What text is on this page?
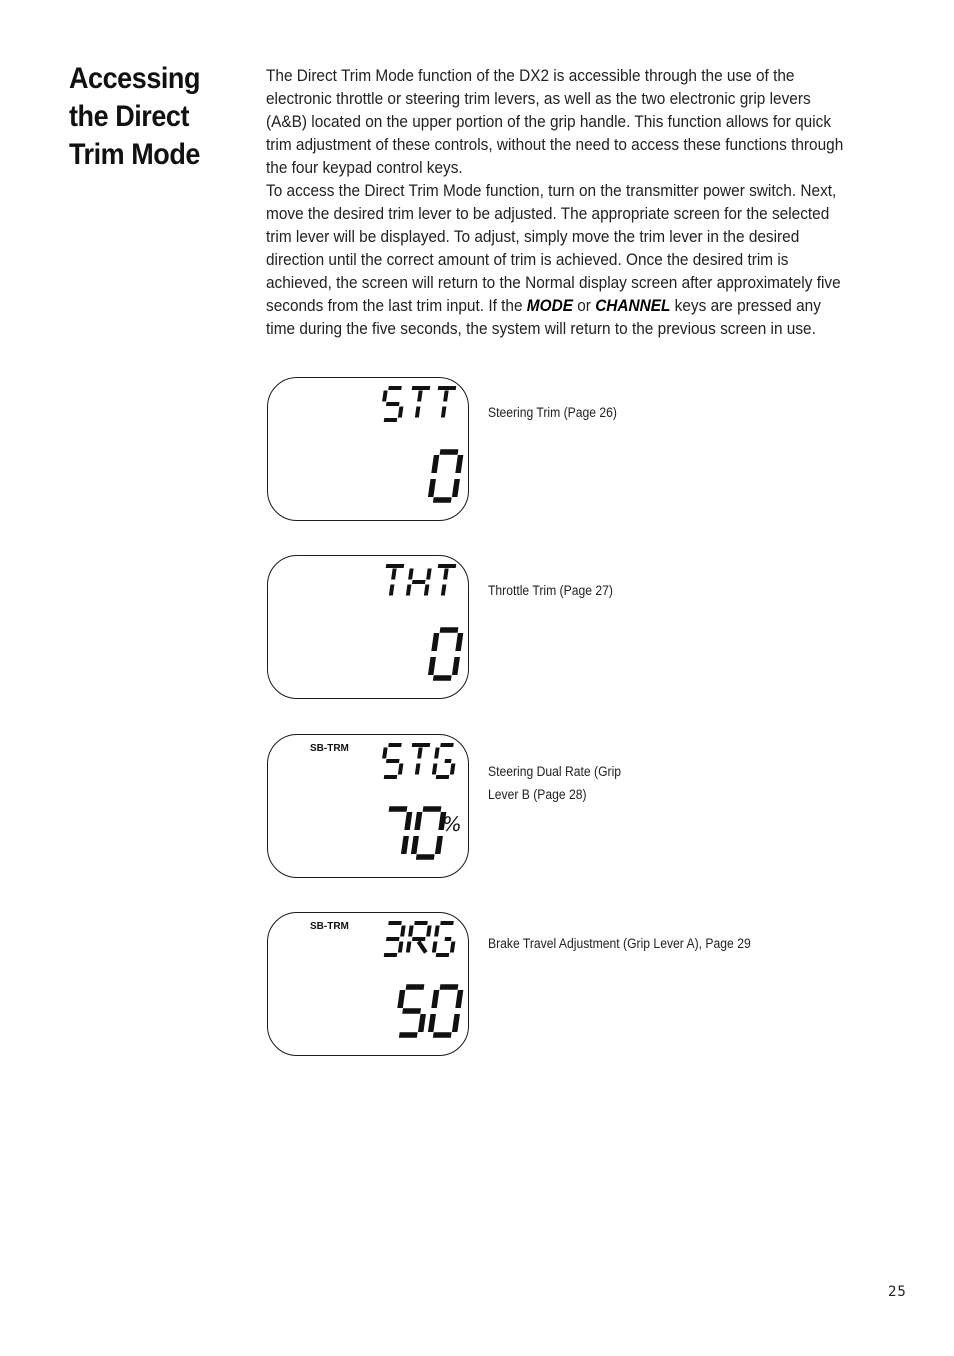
Accessing the Direct Trim Mode

The Direct Trim Mode function of the DX2 is accessible through the use of the electronic throttle or steering trim levers, as well as the two electronic grip levers (A&B) located on the upper portion of the grip handle. This function allows for quick trim adjustment of these controls, without the need to access these functions through the four keypad control keys.

To access the Direct Trim Mode function, turn on the transmitter power switch. Next, move the desired trim lever to be adjusted. The appropriate screen for the selected trim lever will be displayed. To adjust, simply move the trim lever in the desired direction until the correct amount of trim is achieved. Once the desired trim is achieved, the screen will return to the Normal display screen after approximately five seconds from the last trim input. If the MODE or CHANNEL keys are pressed any time during the five seconds, the system will return to the previous screen in use.

Steering Trim (Page 26)

Throttle Trim (Page 27)

SB-TRM
%

Steering Dual Rate (Grip
Lever B (Page 28)

SB-TRM

Brake Travel Adjustment (Grip Lever A), Page 29

25
